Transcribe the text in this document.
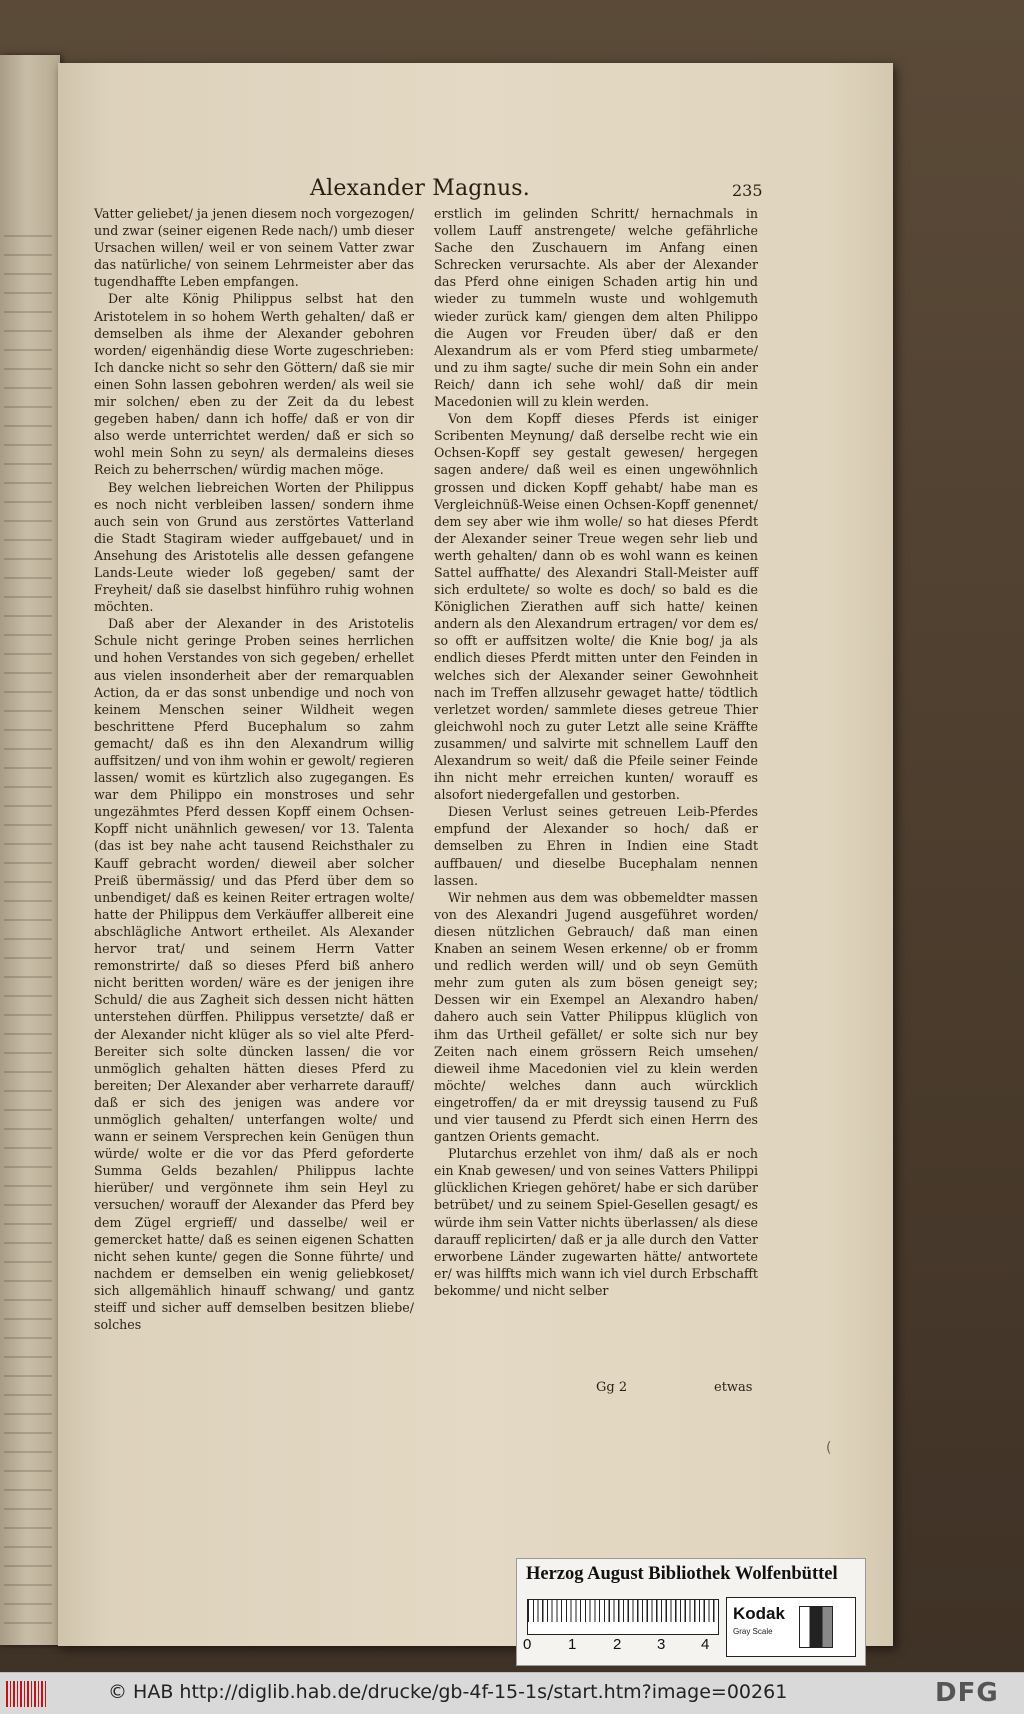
Alexander Magnus.	235

Vatter geliebet/ ja jenen diesem noch vorgezogen/ und zwar (seiner eigenen Rede nach/) umb dieser Ursachen willen/ weil er von seinem Vatter zwar das natürliche/ von seinem Lehrmeister aber das tugendhaffte Leben empfangen.

Der alte König Philippus selbst hat den Aristotelem in so hohem Werth gehalten/ daß er demselben als ihme der Alexander gebohren worden/ eigenhändig diese Worte zugeschrieben: Ich dancke nicht so sehr den Göttern/ daß sie mir einen Sohn lassen gebohren werden/ als weil sie mir solchen/ eben zu der Zeit da du lebest gegeben haben/ dann ich hoffe/ daß er von dir also werde unterrichtet werden/ daß er sich so wohl mein Sohn zu seyn/ als dermaleins dieses Reich zu beherrschen/ würdig machen möge.

Bey welchen liebreichen Worten der Philippus es noch nicht verbleiben lassen/ sondern ihme auch sein von Grund aus zerstörtes Vatterland die Stadt Stagiram wieder auffgebauet/ und in Ansehung des Aristotelis alle dessen gefangene Lands-Leute wieder loß gegeben/ samt der Freyheit/ daß sie daselbst hinführo ruhig wohnen möchten.

Daß aber der Alexander in des Aristotelis Schule nicht geringe Proben seines herrlichen und hohen Verstandes von sich gegeben/ erhellet aus vielen insonderheit aber der remarquablen Action, da er das sonst unbendige und noch von keinem Menschen seiner Wildheit wegen beschrittene Pferd Bucephalum so zahm gemacht/ daß es ihn den Alexandrum willig auffsitzen/ und von ihm wohin er gewolt/ regieren lassen/ womit es kürtzlich also zugegangen. Es war dem Philippo ein monstroses und sehr ungezähmtes Pferd dessen Kopff einem Ochsen-Kopff nicht unähnlich gewesen/ vor 13. Talenta (das ist bey nahe acht tausend Reichsthaler zu Kauff gebracht worden/ dieweil aber solcher Preiß übermässig/ und das Pferd über dem so unbendiget/ daß es keinen Reiter ertragen wolte/ hatte der Philippus dem Verkäuffer allbereit eine abschlägliche Antwort ertheilet. Als Alexander hervor trat/ und seinem Herrn Vatter remonstrirte/ daß so dieses Pferd biß anhero nicht beritten worden/ wäre es der jenigen ihre Schuld/ die aus Zagheit sich dessen nicht hätten unterstehen dürffen. Philippus versetzte/ daß er der Alexander nicht klüger als so viel alte Pferd-Bereiter sich solte düncken lassen/ die vor unmöglich gehalten hätten dieses Pferd zu bereiten; Der Alexander aber verharrete darauff/ daß er sich des jenigen was andere vor unmöglich gehalten/ unterfangen wolte/ und wann er seinem Versprechen kein Genügen thun würde/ wolte er die vor das Pferd geforderte Summa Gelds bezahlen/ Philippus lachte hierüber/ und vergönnete ihm sein Heyl zu versuchen/ worauff der Alexander das Pferd bey dem Zügel ergrieff/ und dasselbe/ weil er gemercket hatte/ daß es seinen eigenen Schatten nicht sehen kunte/ gegen die Sonne führte/ und nachdem er demselben ein wenig geliebkoset/ sich allgemählich hinauff schwang/ und gantz steiff und sicher auff demselben besitzen bliebe/ solches

erstlich im gelinden Schritt/ hernachmals in vollem Lauff anstrengete/ welche gefährliche Sache den Zuschauern im Anfang einen Schrecken verursachte. Als aber der Alexander das Pferd ohne einigen Schaden artig hin und wieder zu tummeln wuste und wohlgemuth wieder zurück kam/ giengen dem alten Philippo die Augen vor Freuden über/ daß er den Alexandrum als er vom Pferd stieg umbarmete/ und zu ihm sagte/ suche dir mein Sohn ein ander Reich/ dann ich sehe wohl/ daß dir mein Macedonien will zu klein werden.

Von dem Kopff dieses Pferds ist einiger Scribenten Meynung/ daß derselbe recht wie ein Ochsen-Kopff sey gestalt gewesen/ hergegen sagen andere/ daß weil es einen ungewöhnlich grossen und dicken Kopff gehabt/ habe man es Vergleichnüß-Weise einen Ochsen-Kopff genennet/ dem sey aber wie ihm wolle/ so hat dieses Pferdt der Alexander seiner Treue wegen sehr lieb und werth gehalten/ dann ob es wohl wann es keinen Sattel auffhatte/ des Alexandri Stall-Meister auff sich erdultete/ so wolte es doch/ so bald es die Königlichen Zierathen auff sich hatte/ keinen andern als den Alexandrum ertragen/ vor dem es/ so offt er auffsitzen wolte/ die Knie bog/ ja als endlich dieses Pferdt mitten unter den Feinden in welches sich der Alexander seiner Gewohnheit nach im Treffen allzusehr gewaget hatte/ tödtlich verletzet worden/ sammlete dieses getreue Thier gleichwohl noch zu guter Letzt alle seine Kräffte zusammen/ und salvirte mit schnellem Lauff den Alexandrum so weit/ daß die Pfeile seiner Feinde ihn nicht mehr erreichen kunten/ worauff es alsofort niedergefallen und gestorben.

Diesen Verlust seines getreuen Leib-Pferdes empfund der Alexander so hoch/ daß er demselben zu Ehren in Indien eine Stadt auffbauen/ und dieselbe Bucephalam nennen lassen.

Wir nehmen aus dem was obbemeldter massen von des Alexandri Jugend ausgeführet worden/ diesen nützlichen Gebrauch/ daß man einen Knaben an seinem Wesen erkenne/ ob er fromm und redlich werden will/ und ob seyn Gemüth mehr zum guten als zum bösen geneigt sey; Dessen wir ein Exempel an Alexandro haben/ dahero auch sein Vatter Philippus klüglich von ihm das Urtheil gefället/ er solte sich nur bey Zeiten nach einem grössern Reich umsehen/ dieweil ihme Macedonien viel zu klein werden möchte/ welches dann auch würcklich eingetroffen/ da er mit dreyssig tausend zu Fuß und vier tausend zu Pferdt sich einen Herrn des gantzen Orients gemacht.

Plutarchus erzehlet von ihm/ daß als er noch ein Knab gewesen/ und von seines Vatters Philippi glücklichen Kriegen gehöret/ habe er sich darüber betrübet/ und zu seinem Spiel-Gesellen gesagt/ es würde ihm sein Vatter nichts überlassen/ als diese darauff replicirten/ daß er ja alle durch den Vatter erworbene Länder zugewarten hätte/ antwortete er/ was hilffts mich wann ich viel durch Erbschafft bekomme/ und nicht selber

Gg 2	etwas
(
Herzog August Bibliothek Wolfenbüttel
0 1 2 3 4
Kodak
Gray Scale
© HAB http://diglib.hab.de/drucke/gb-4f-15-1s/start.htm?image=00261	DFG
